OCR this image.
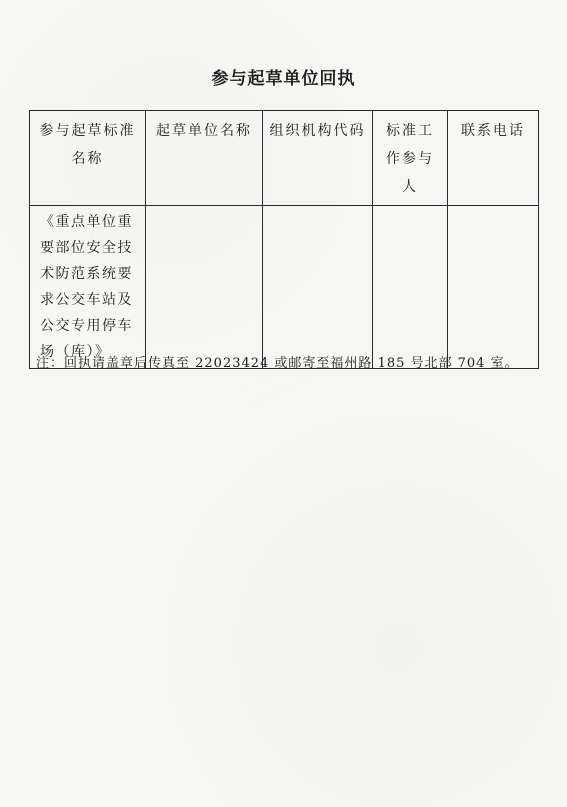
参与起草单位回执
参与起草标准名称	起草单位名称	组织机构代码	标准工作参与人	联系电话
《重点单位重要部位安全技术防范系统要求公交车站及公交专用停车场（库）》				
注：回执请盖章后传真至 22023424 或邮寄至福州路 185 号北部 704 室。
